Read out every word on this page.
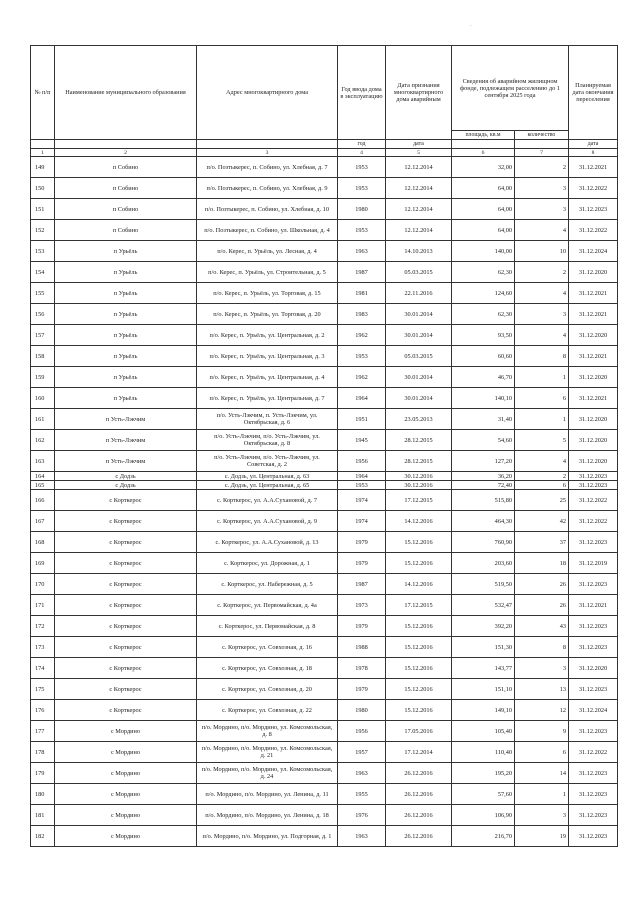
·
№ п/п	Наименование муниципального образования	Адрес многоквартирного дома	Год ввода дома в эксплуатацию	Дата признания многоквартирного дома аварийным	Сведения об аварийном жилищном фонде, подлежащем расселению до 1 сентября 2025 года		Планируемая дата окончания переселения
					площадь, кв.м	количество	
			год	дата			дата
1	2	3	4	5	6	7	8
149	п Собино	п/о. Позтыкерес, п. Собино, ул. Хлебная, д. 7	1953	12.12.2014	32,00	2	31.12.2021
150	п Собино	п/о. Позтыкерес, п. Собино, ул. Хлебная, д. 9	1953	12.12.2014	64,00	3	31.12.2022
151	п Собино	п/о. Позтыкерес, п. Собино, ул. Хлебная, д. 10	1980	12.12.2014	64,00	3	31.12.2023
152	п Собино	п/о. Позтыкерес, п. Собино, ул. Школьная, д. 4	1953	12.12.2014	64,00	4	31.12.2022
153	п Урьёль	п/о. Керес, п. Урьёль, ул. Лесная, д. 4	1963	14.10.2013	140,00	10	31.12.2024
154	п Урьёль	п/о. Керес, п. Урьёль, ул. Строительная, д. 5	1987	05.03.2015	62,30	2	31.12.2020
155	п Урьёль	п/о. Керес, п. Урьёль, ул. Торговая, д. 15	1981	22.11.2016	124,60	4	31.12.2021
156	п Урьёль	п/о. Керес, п. Урьёль, ул. Торговая, д. 20	1983	30.01.2014	62,30	3	31.12.2021
157	п Урьёль	п/о. Керес, п. Урьёль, ул. Центральная, д. 2	1962	30.01.2014	93,50	4	31.12.2020
158	п Урьёль	п/о. Керес, п. Урьёль, ул. Центральная, д. 3	1953	05.03.2015	60,60	8	31.12.2021
159	п Урьёль	п/о. Керес, п. Урьёль, ул. Центральная, д. 4	1962	30.01.2014	46,70	1	31.12.2020
160	п Урьёль	п/о. Керес, п. Урьёль, ул. Центральная, д. 7	1964	30.01.2014	140,10	6	31.12.2021
161	п Усть-Лэкчим	п/о. Усть-Лэкчим, п. Усть-Лэкчим, ул. Октябрьская, д. 6	1951	23.05.2013	31,40	1	31.12.2020
162	п Усть-Лэкчим	п/о. Усть-Лэкчим, п/о. Усть-Лэкчим, ул. Октябрьская, д. 8	1945	28.12.2015	54,60	5	31.12.2020
163	п Усть-Лэкчим	п/о. Усть-Лэкчим, п/о. Усть-Лэкчим, ул. Советская, д. 2	1956	28.12.2015	127,20	4	31.12.2020
164	с Додзь	с. Додзь, ул. Центральная, д. 63	1964	30.12.2016	36,20	2	31.12.2023
165	с Додзь	с. Додзь, ул. Центральная, д. 65	1953	30.12.2016	72,40	6	31.12.2023
166	с Корткерос	с. Корткерос, ул. А.А.Сухановой, д. 7	1974	17.12.2015	515,80	25	31.12.2022
167	с Корткерос	с. Корткерос, ул. А.А.Сухановой, д. 9	1974	14.12.2016	464,30	42	31.12.2022
168	с Корткерос	с. Корткерос, ул. А.А.Сухановой, д. 13	1979	15.12.2016	760,90	37	31.12.2023
169	с Корткерос	с. Корткерос, ул. Дорожная, д. 1	1979	15.12.2016	203,60	18	31.12.2019
170	с Корткерос	с. Корткерос, ул. Набережная, д. 5	1987	14.12.2016	519,50	26	31.12.2023
171	с Корткерос	с. Корткерос, ул. Первомайская, д. 4а	1973	17.12.2015	532,47	26	31.12.2021
172	с Корткерос	с. Корткерос, ул. Первомайская, д. 8	1979	15.12.2016	392,20	43	31.12.2023
173	с Корткерос	с. Корткерос, ул. Совхозная, д. 16	1988	15.12.2016	151,30	8	31.12.2023
174	с Корткерос	с. Корткерос, ул. Совхозная, д. 18	1978	15.12.2016	143,77	3	31.12.2020
175	с Корткерос	с. Корткерос, ул. Совхозная, д. 20	1979	15.12.2016	151,10	13	31.12.2023
176	с Корткерос	с. Корткерос, ул. Совхозная, д. 22	1980	15.12.2016	149,10	12	31.12.2024
177	с Мордино	п/о. Мордино, п/о. Мордино, ул. Комсомольская, д. 8	1956	17.05.2016	105,40	9	31.12.2023
178	с Мордино	п/о. Мордино, п/о. Мордино, ул. Комсомольская, д. 21	1957	17.12.2014	110,40	6	31.12.2022
179	с Мордино	п/о. Мордино, п/о. Мордино, ул. Комсомольская, д. 24	1963	26.12.2016	195,20	14	31.12.2023
180	с Мордино	п/о. Мордино, п/о. Мордино, ул. Ленина, д. 11	1955	26.12.2016	57,60	1	31.12.2023
181	с Мордино	п/о. Мордино, п/о. Мордино, ул. Ленина, д. 18	1976	26.12.2016	106,90	3	31.12.2023
182	с Мордино	п/о. Мордино, п/о. Мордино, ул. Подгорная, д. 1	1963	26.12.2016	216,70	19	31.12.2023
